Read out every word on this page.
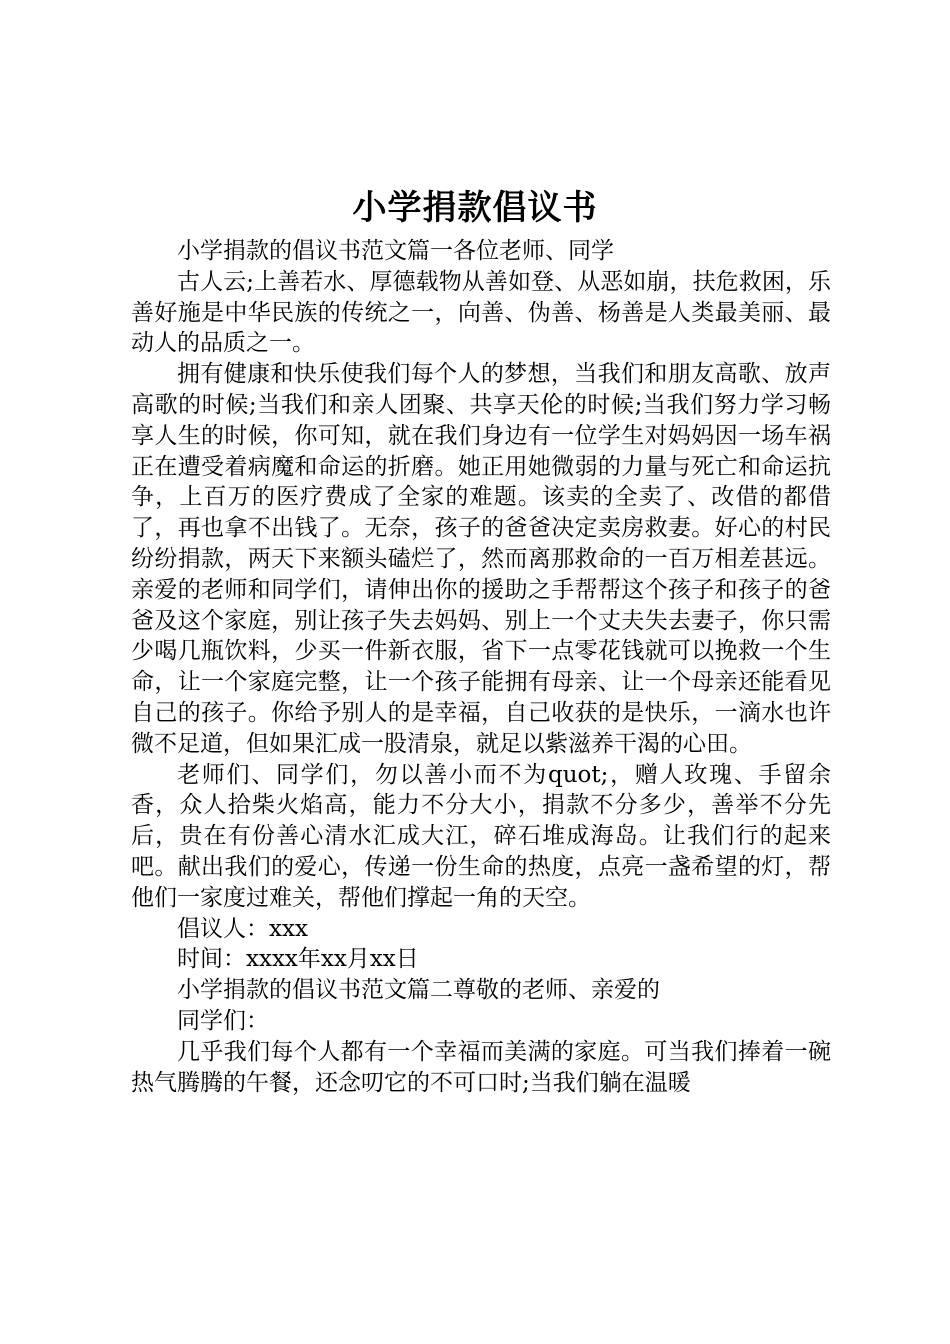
小学捐款倡议书

小学捐款的倡议书范文篇一各位老师、同学

古人云;上善若水、厚德载物从善如登、从恶如崩，扶危救困，乐善好施是中华民族的传统之一，向善、伪善、杨善是人类最美丽、最动人的品质之一。

拥有健康和快乐使我们每个人的梦想，当我们和朋友高歌、放声高歌的时候;当我们和亲人团聚、共享天伦的时候;当我们努力学习畅享人生的时候，你可知，就在我们身边有一位学生对妈妈因一场车祸正在遭受着病魔和命运的折磨。她正用她微弱的力量与死亡和命运抗争，上百万的医疗费成了全家的难题。该卖的全卖了、改借的都借了，再也拿不出钱了。无奈，孩子的爸爸决定卖房救妻。好心的村民纷纷捐款，两天下来额头磕烂了，然而离那救命的一百万相差甚远。亲爱的老师和同学们，请伸出你的援助之手帮帮这个孩子和孩子的爸爸及这个家庭，别让孩子失去妈妈、别上一个丈夫失去妻子，你只需少喝几瓶饮料，少买一件新衣服，省下一点零花钱就可以挽救一个生命，让一个家庭完整，让一个孩子能拥有母亲、让一个母亲还能看见自己的孩子。你给予别人的是幸福，自己收获的是快乐，一滴水也许微不足道，但如果汇成一股清泉，就足以紫滋养干渴的心田。

老师们、同学们，勿以善小而不为quot;，赠人玫瑰、手留余香，众人拾柴火焰高，能力不分大小，捐款不分多少，善举不分先后，贵在有份善心清水汇成大江，碎石堆成海岛。让我们行的起来吧。献出我们的爱心，传递一份生命的热度，点亮一盏希望的灯，帮他们一家度过难关，帮他们撑起一角的天空。

倡议人：xxx

时间：xxxx年xx月xx日

小学捐款的倡议书范文篇二尊敬的老师、亲爱的

同学们：

几乎我们每个人都有一个幸福而美满的家庭。可当我们捧着一碗热气腾腾的午餐，还念叨它的不可口时;当我们躺在温暖
